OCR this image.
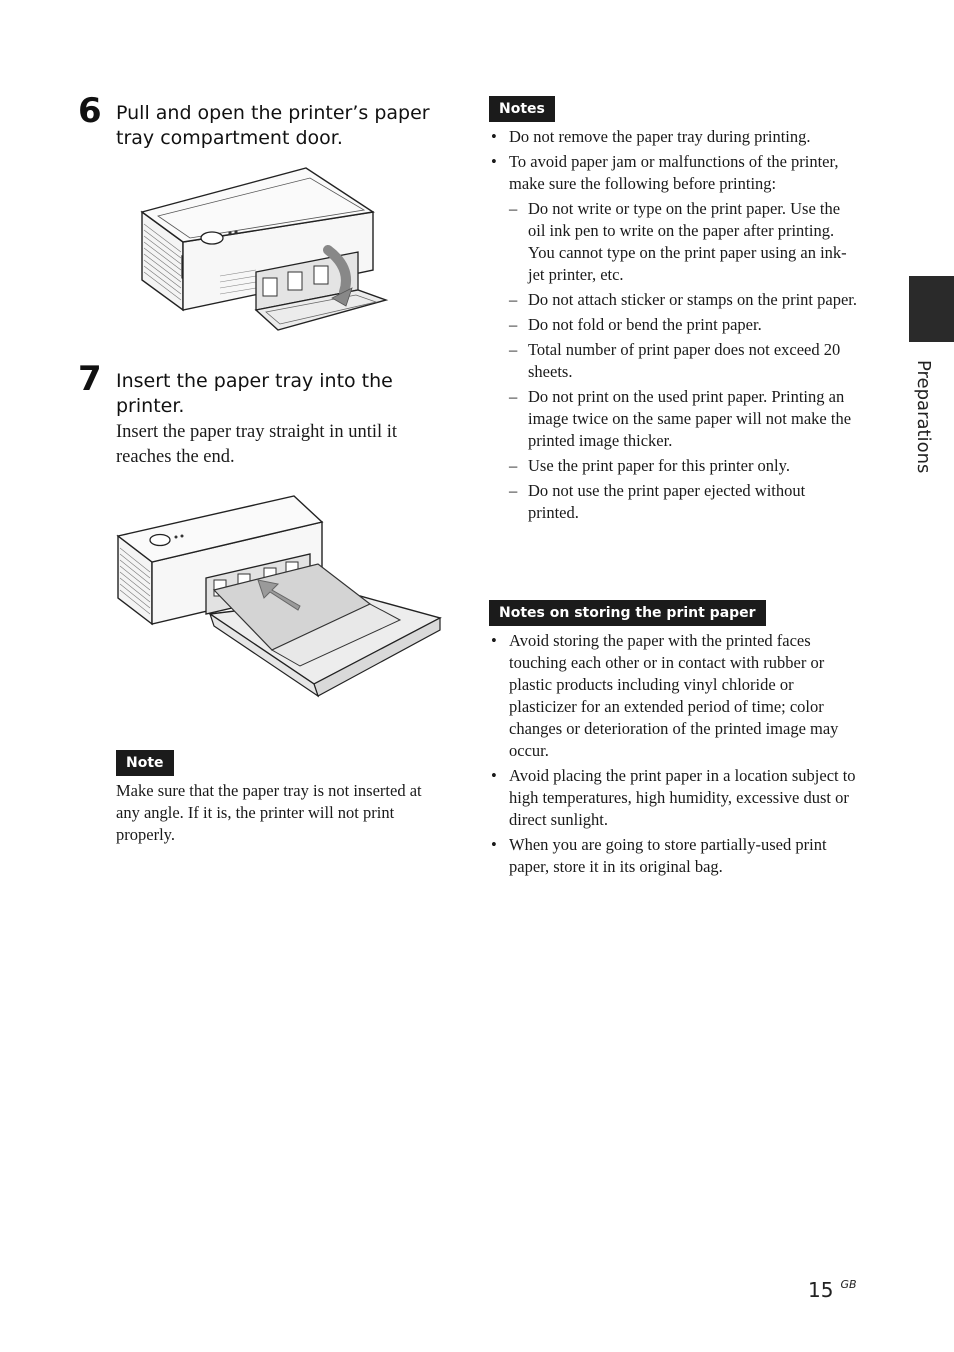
6 Pull and open the printer’s paper tray compartment door.
7 Insert the paper tray into the printer.
Insert the paper tray straight in until it reaches the end.
Note
Make sure that the paper tray is not inserted at any angle. If it is, the printer will not print properly.
Notes
• Do not remove the paper tray during printing.
• To avoid paper jam or malfunctions of the printer, make sure the following before printing:
– Do not write or type on the print paper. Use the oil ink pen to write on the paper after printing. You cannot type on the print paper using an ink-jet printer, etc.
– Do not attach sticker or stamps on the print paper.
– Do not fold or bend the print paper.
– Total number of print paper does not exceed 20 sheets.
– Do not print on the used print paper. Printing an image twice on the same paper will not make the printed image thicker.
– Use the print paper for this printer only.
– Do not use the print paper ejected without printed.
Notes on storing the print paper
• Avoid storing the paper with the printed faces touching each other or in contact with rubber or plastic products including vinyl chloride or plasticizer for an extended period of time; color changes or deterioration of the printed image may occur.
• Avoid placing the print paper in a location subject to high temperatures, high humidity, excessive dust or direct sunlight.
• When you are going to store partially-used print paper, store it in its original bag.
Preparations
15 $^{GB}$
